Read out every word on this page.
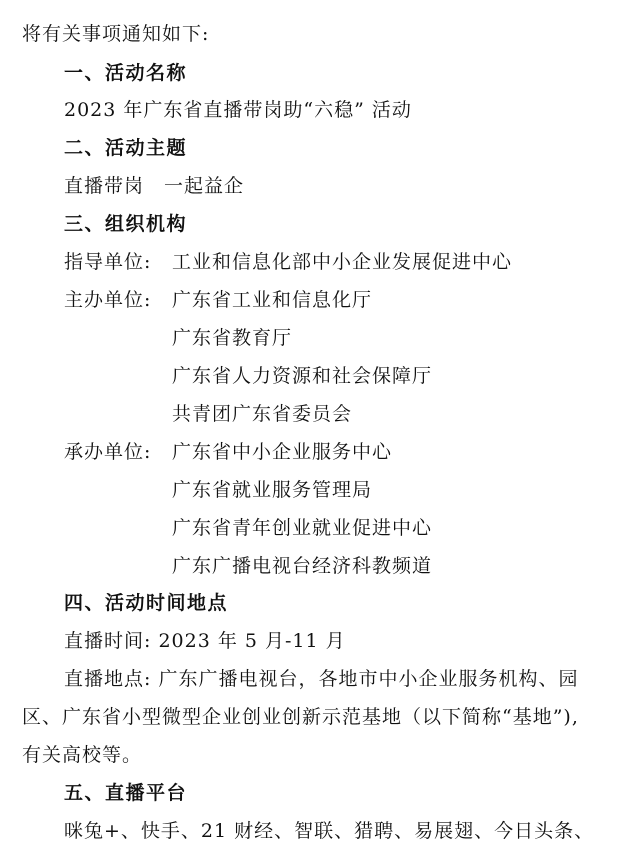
将有关事项通知如下:
一、活动名称
2023 年广东省直播带岗助“六稳” 活动
二、活动主题
直播带岗　一起益企
三、组织机构
指导单位: 工业和信息化部中小企业发展促进中心
主办单位: 广东省工业和信息化厅
广东省教育厅
广东省人力资源和社会保障厅
共青团广东省委员会
承办单位: 广东省中小企业服务中心
广东省就业服务管理局
广东省青年创业就业促进中心
广东广播电视台经济科教频道
四、活动时间地点
直播时间: 2023 年 5 月-11 月
直播地点: 广东广播电视台，各地市中小企业服务机构、园
区、广东省小型微型企业创业创新示范基地（以下简称“基地”),
有关高校等。
五、直播平台
咪兔+、快手、21 财经、智联、猎聘、易展翅、今日头条、
